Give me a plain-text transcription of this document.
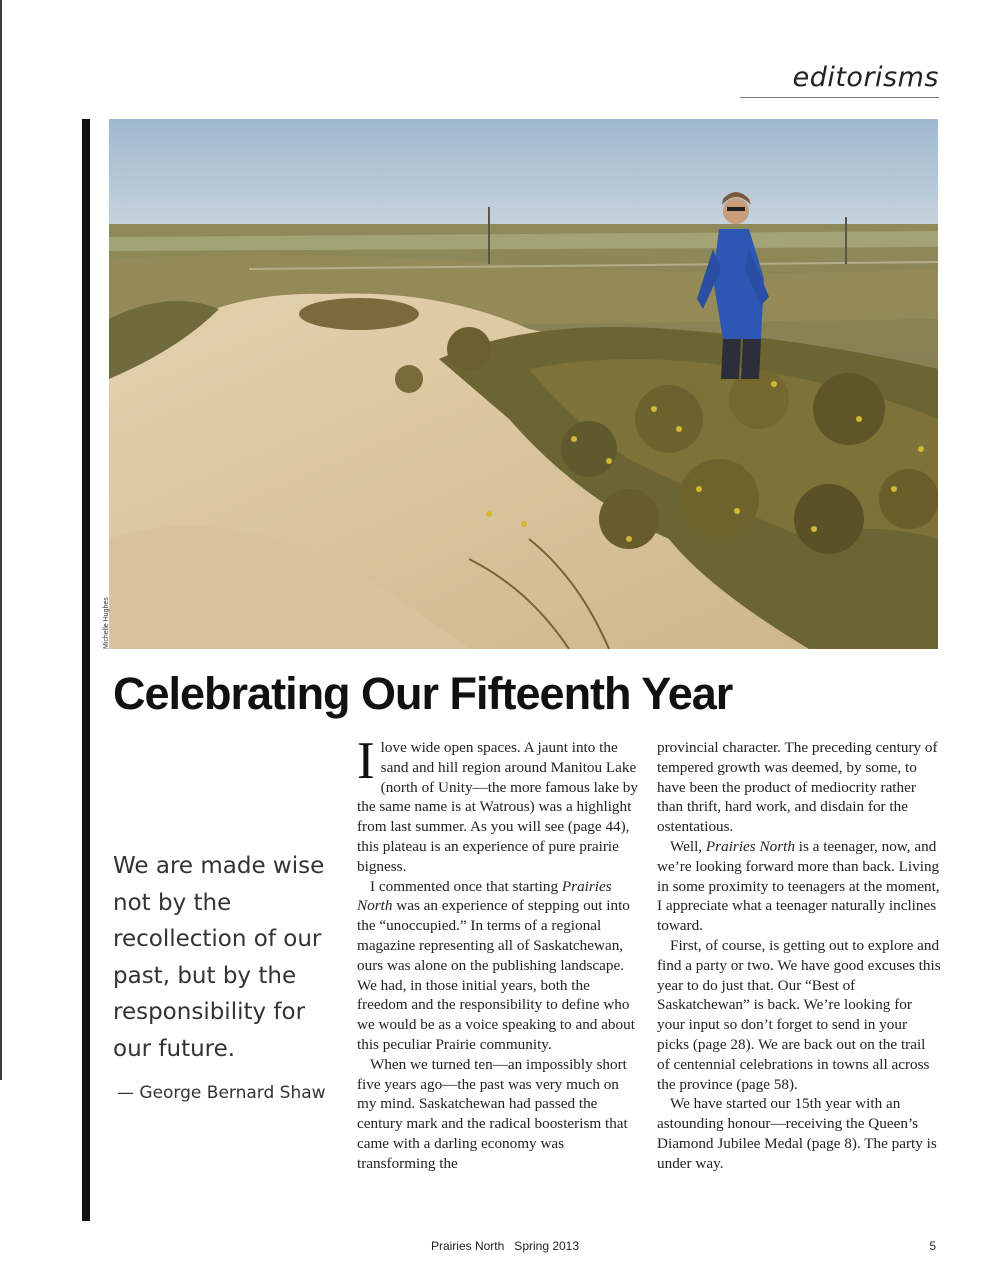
editorisms
Michelle Hughes
Celebrating Our Fifteenth Year

We are made wise not by the recollection of our past, but by the responsibility for our future.

— George Bernard Shaw

I love wide open spaces. A jaunt into the sand and hill region around Manitou Lake (north of Unity—the more famous lake by the same name is at Watrous) was a highlight from last summer. As you will see (page 44), this plateau is an experience of pure prairie bigness.

I commented once that starting Prairies North was an experience of stepping out into the “unoccupied.” In terms of a regional magazine representing all of Saskatchewan, ours was alone on the publishing landscape. We had, in those initial years, both the freedom and the responsibility to define who we would be as a voice speaking to and about this peculiar Prairie community.

When we turned ten—an impossibly short five years ago—the past was very much on my mind. Saskatchewan had passed the century mark and the radical boosterism that came with a darling economy was transforming the

provincial character. The preceding century of tempered growth was deemed, by some, to have been the product of mediocrity rather than thrift, hard work, and disdain for the ostentatious.

Well, Prairies North is a teenager, now, and we’re looking forward more than back. Living in some proximity to teenagers at the moment, I appreciate what a teenager naturally inclines toward.

First, of course, is getting out to explore and find a party or two. We have good excuses this year to do just that. Our “Best of Saskatchewan” is back. We’re looking for your input so don’t forget to send in your picks (page 28). We are back out on the trail of centennial celebrations in towns all across the province (page 58).

We have started our 15th year with an astounding honour—receiving the Queen’s Diamond Jubilee Medal (page 8). The party is under way.

Prairies North   Spring 2013	5
